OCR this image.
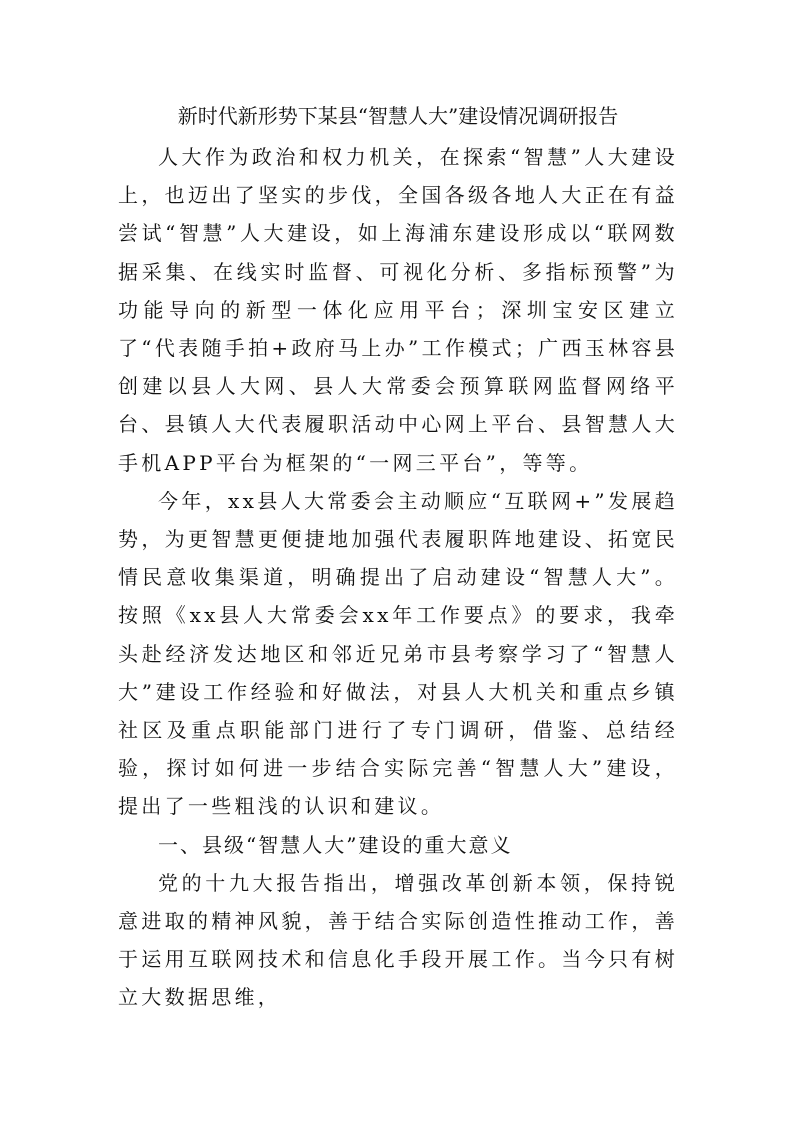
新时代新形势下某县“智慧人大”建设情况调研报告

人大作为政治和权力机关，在探索“智慧”人大建设上，也迈出了坚实的步伐，全国各级各地人大正在有益尝试“智慧”人大建设，如上海浦东建设形成以“联网数据采集、在线实时监督、可视化分析、多指标预警”为功能导向的新型一体化应用平台；深圳宝安区建立了“代表随手拍+政府马上办”工作模式；广西玉林容县创建以县人大网、县人大常委会预算联网监督网络平台、县镇人大代表履职活动中心网上平台、县智慧人大手机APP平台为框架的“一网三平台”，等等。

今年，xx县人大常委会主动顺应“互联网+”发展趋势，为更智慧更便捷地加强代表履职阵地建设、拓宽民情民意收集渠道，明确提出了启动建设“智慧人大”。按照《xx县人大常委会xx年工作要点》的要求，我牵头赴经济发达地区和邻近兄弟市县考察学习了“智慧人大”建设工作经验和好做法，对县人大机关和重点乡镇社区及重点职能部门进行了专门调研，借鉴、总结经验，探讨如何进一步结合实际完善“智慧人大”建设，提出了一些粗浅的认识和建议。

一、县级“智慧人大”建设的重大意义

党的十九大报告指出，增强改革创新本领，保持锐意进取的精神风貌，善于结合实际创造性推动工作，善于运用互联网技术和信息化手段开展工作。当今只有树立大数据思维，
